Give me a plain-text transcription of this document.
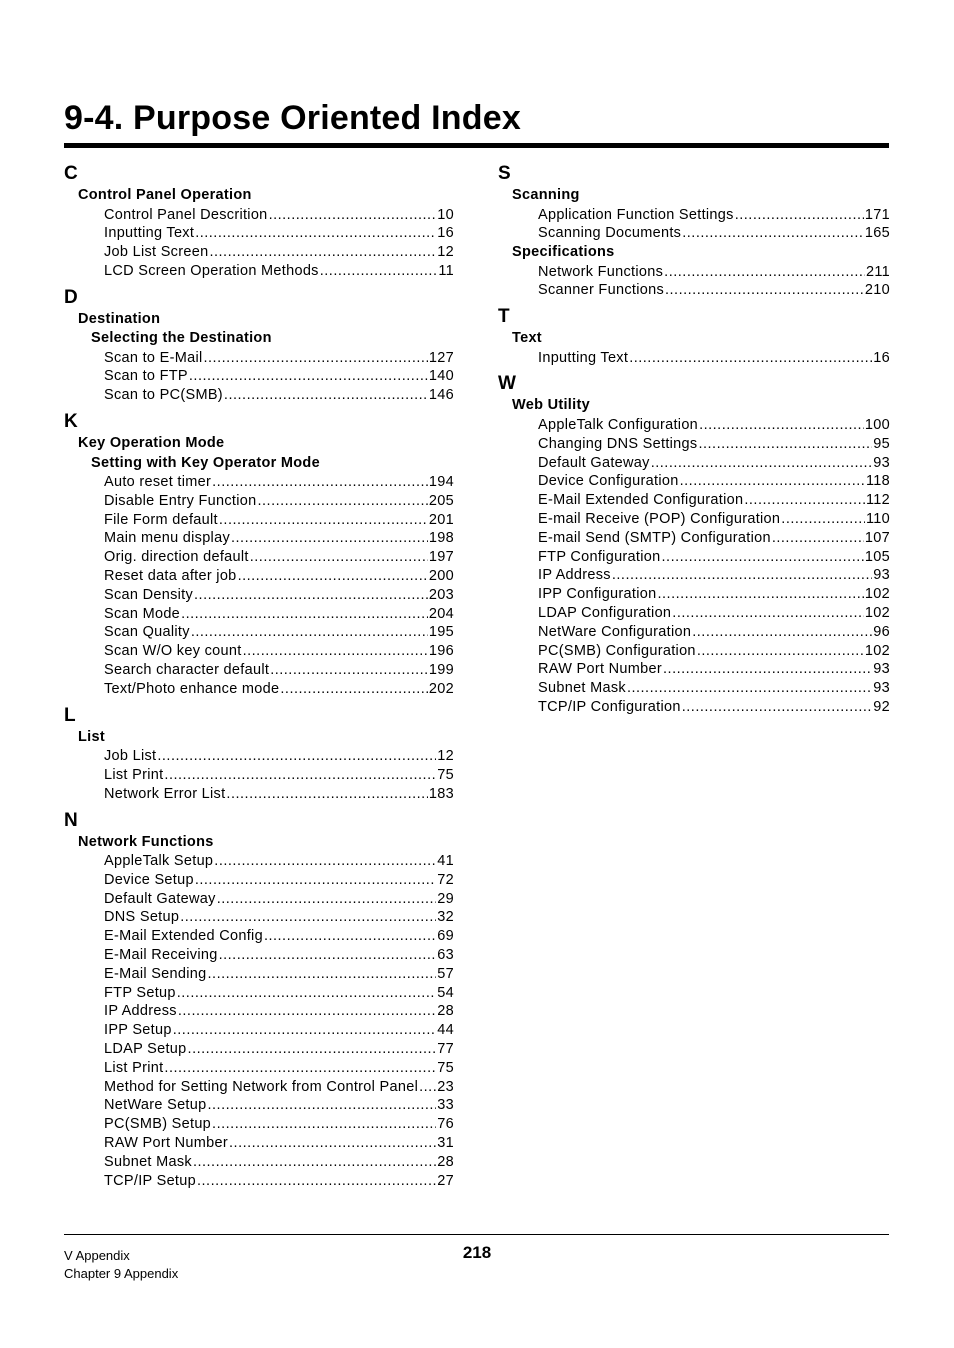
9-4. Purpose Oriented Index
C
Control Panel Operation
Control Panel Descrition .....	10
Inputting Text .....	16
Job List Screen .....	12
LCD Screen Operation Methods .....	11
D
Destination
Selecting the Destination
Scan to E-Mail .....	127
Scan to FTP .....	140
Scan to PC(SMB) .....	146
K
Key Operation Mode
Setting with Key Operator Mode
Auto reset timer .....	194
Disable Entry Function .....	205
File Form default .....	201
Main menu display .....	198
Orig. direction default .....	197
Reset data after job .....	200
Scan Density .....	203
Scan Mode .....	204
Scan Quality .....	195
Scan W/O key count .....	196
Search character default .....	199
Text/Photo enhance mode .....	202
L
List
Job List .....	12
List Print .....	75
Network Error List .....	183
N
Network Functions
AppleTalk Setup .....	41
Device Setup .....	72
Default Gateway .....	29
DNS Setup .....	32
E-Mail Extended Config .....	69
E-Mail Receiving .....	63
E-Mail Sending .....	57
FTP Setup .....	54
IP Address .....	28
IPP Setup .....	44
LDAP Setup .....	77
List Print .....	75
Method for Setting Network from Control Panel ..... 23
NetWare Setup .....	33
PC(SMB) Setup .....	76
RAW Port Number .....	31
Subnet Mask .....	28
TCP/IP Setup .....	27
S
Scanning
Application Function Settings .....	171
Scanning Documents .....	165
Specifications
Network Functions .....	211
Scanner Functions .....	210
T
Text
Inputting Text .....	16
W
Web Utility
AppleTalk Configuration .....	100
Changing DNS Settings .....	95
Default Gateway .....	93
Device Configuration .....	118
E-Mail Extended Configuration .....	112
E-mail Receive (POP) Configuration .....	110
E-mail Send (SMTP) Configuration .....	107
FTP Configuration .....	105
IP Address .....	93
IPP Configuration .....	102
LDAP Configuration .....	102
NetWare Configuration .....	96
PC(SMB) Configuration .....	102
RAW Port Number .....	93
Subnet Mask .....	93
TCP/IP Configuration .....	92
V Appendix
Chapter 9 Appendix
218
